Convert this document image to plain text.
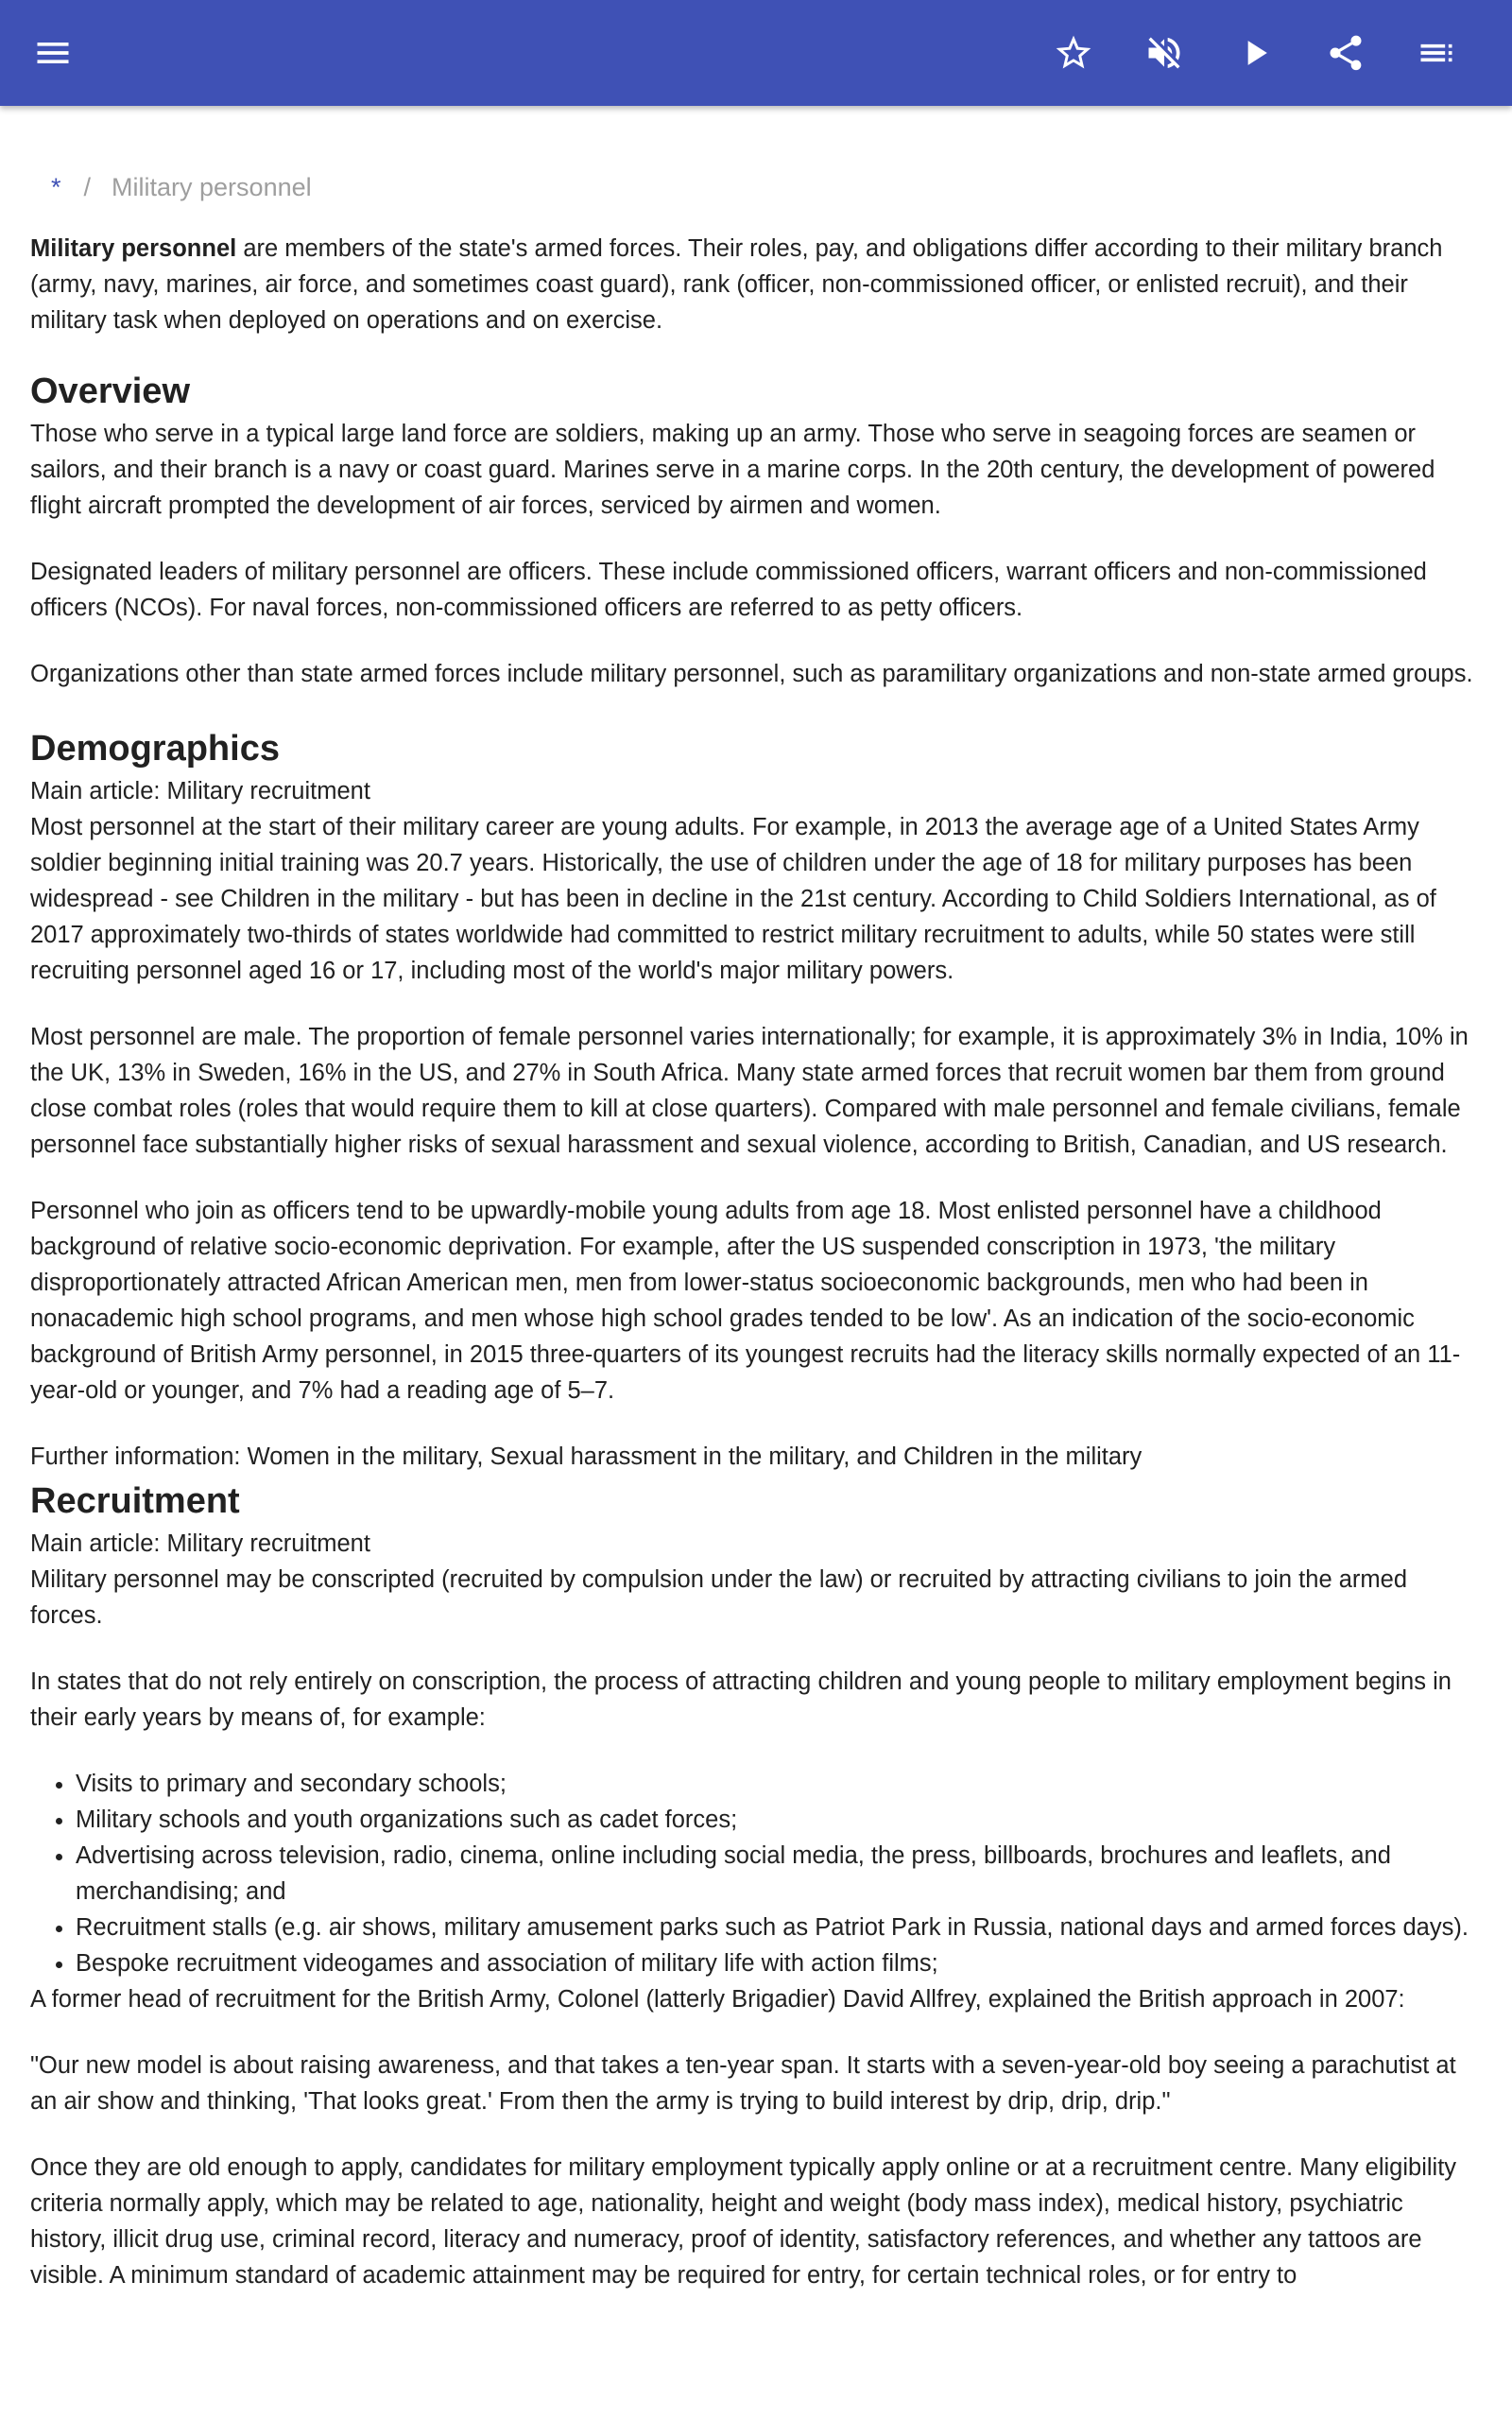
* / Military personnel

Military personnel are members of the state's armed forces. Their roles, pay, and obligations differ according to their military branch (army, navy, marines, air force, and sometimes coast guard), rank (officer, non-commissioned officer, or enlisted recruit), and their military task when deployed on operations and on exercise.

Overview

Those who serve in a typical large land force are soldiers, making up an army. Those who serve in seagoing forces are seamen or sailors, and their branch is a navy or coast guard. Marines serve in a marine corps. In the 20th century, the development of powered flight aircraft prompted the development of air forces, serviced by airmen and women.

Designated leaders of military personnel are officers. These include commissioned officers, warrant officers and non-commissioned officers (NCOs). For naval forces, non-commissioned officers are referred to as petty officers.

Organizations other than state armed forces include military personnel, such as paramilitary organizations and non-state armed groups.

Demographics
Main article: Military recruitment

Most personnel at the start of their military career are young adults. For example, in 2013 the average age of a United States Army soldier beginning initial training was 20.7 years. Historically, the use of children under the age of 18 for military purposes has been widespread - see Children in the military - but has been in decline in the 21st century. According to Child Soldiers International, as of 2017 approximately two-thirds of states worldwide had committed to restrict military recruitment to adults, while 50 states were still recruiting personnel aged 16 or 17, including most of the world's major military powers.

Most personnel are male. The proportion of female personnel varies internationally; for example, it is approximately 3% in India, 10% in the UK, 13% in Sweden, 16% in the US, and 27% in South Africa. Many state armed forces that recruit women bar them from ground close combat roles (roles that would require them to kill at close quarters). Compared with male personnel and female civilians, female personnel face substantially higher risks of sexual harassment and sexual violence, according to British, Canadian, and US research.

Personnel who join as officers tend to be upwardly-mobile young adults from age 18. Most enlisted personnel have a childhood background of relative socio-economic deprivation. For example, after the US suspended conscription in 1973, 'the military disproportionately attracted African American men, men from lower-status socioeconomic backgrounds, men who had been in nonacademic high school programs, and men whose high school grades tended to be low'. As an indication of the socio-economic background of British Army personnel, in 2015 three-quarters of its youngest recruits had the literacy skills normally expected of an 11-year-old or younger, and 7% had a reading age of 5–7.

Further information: Women in the military, Sexual harassment in the military, and Children in the military
Recruitment
Main article: Military recruitment

Military personnel may be conscripted (recruited by compulsion under the law) or recruited by attracting civilians to join the armed forces.

In states that do not rely entirely on conscription, the process of attracting children and young people to military employment begins in their early years by means of, for example:

• Visits to primary and secondary schools;
• Military schools and youth organizations such as cadet forces;
• Advertising across television, radio, cinema, online including social media, the press, billboards, brochures and leaflets, and merchandising; and
• Recruitment stalls (e.g. air shows, military amusement parks such as Patriot Park in Russia, national days and armed forces days).
• Bespoke recruitment videogames and association of military life with action films;

A former head of recruitment for the British Army, Colonel (latterly Brigadier) David Allfrey, explained the British approach in 2007:

"Our new model is about raising awareness, and that takes a ten-year span. It starts with a seven-year-old boy seeing a parachutist at an air show and thinking, 'That looks great.' From then the army is trying to build interest by drip, drip, drip."

Once they are old enough to apply, candidates for military employment typically apply online or at a recruitment centre. Many eligibility criteria normally apply, which may be related to age, nationality, height and weight (body mass index), medical history, psychiatric history, illicit drug use, criminal record, literacy and numeracy, proof of identity, satisfactory references, and whether any tattoos are visible. A minimum standard of academic attainment may be required for entry, for certain technical roles, or for entry to
